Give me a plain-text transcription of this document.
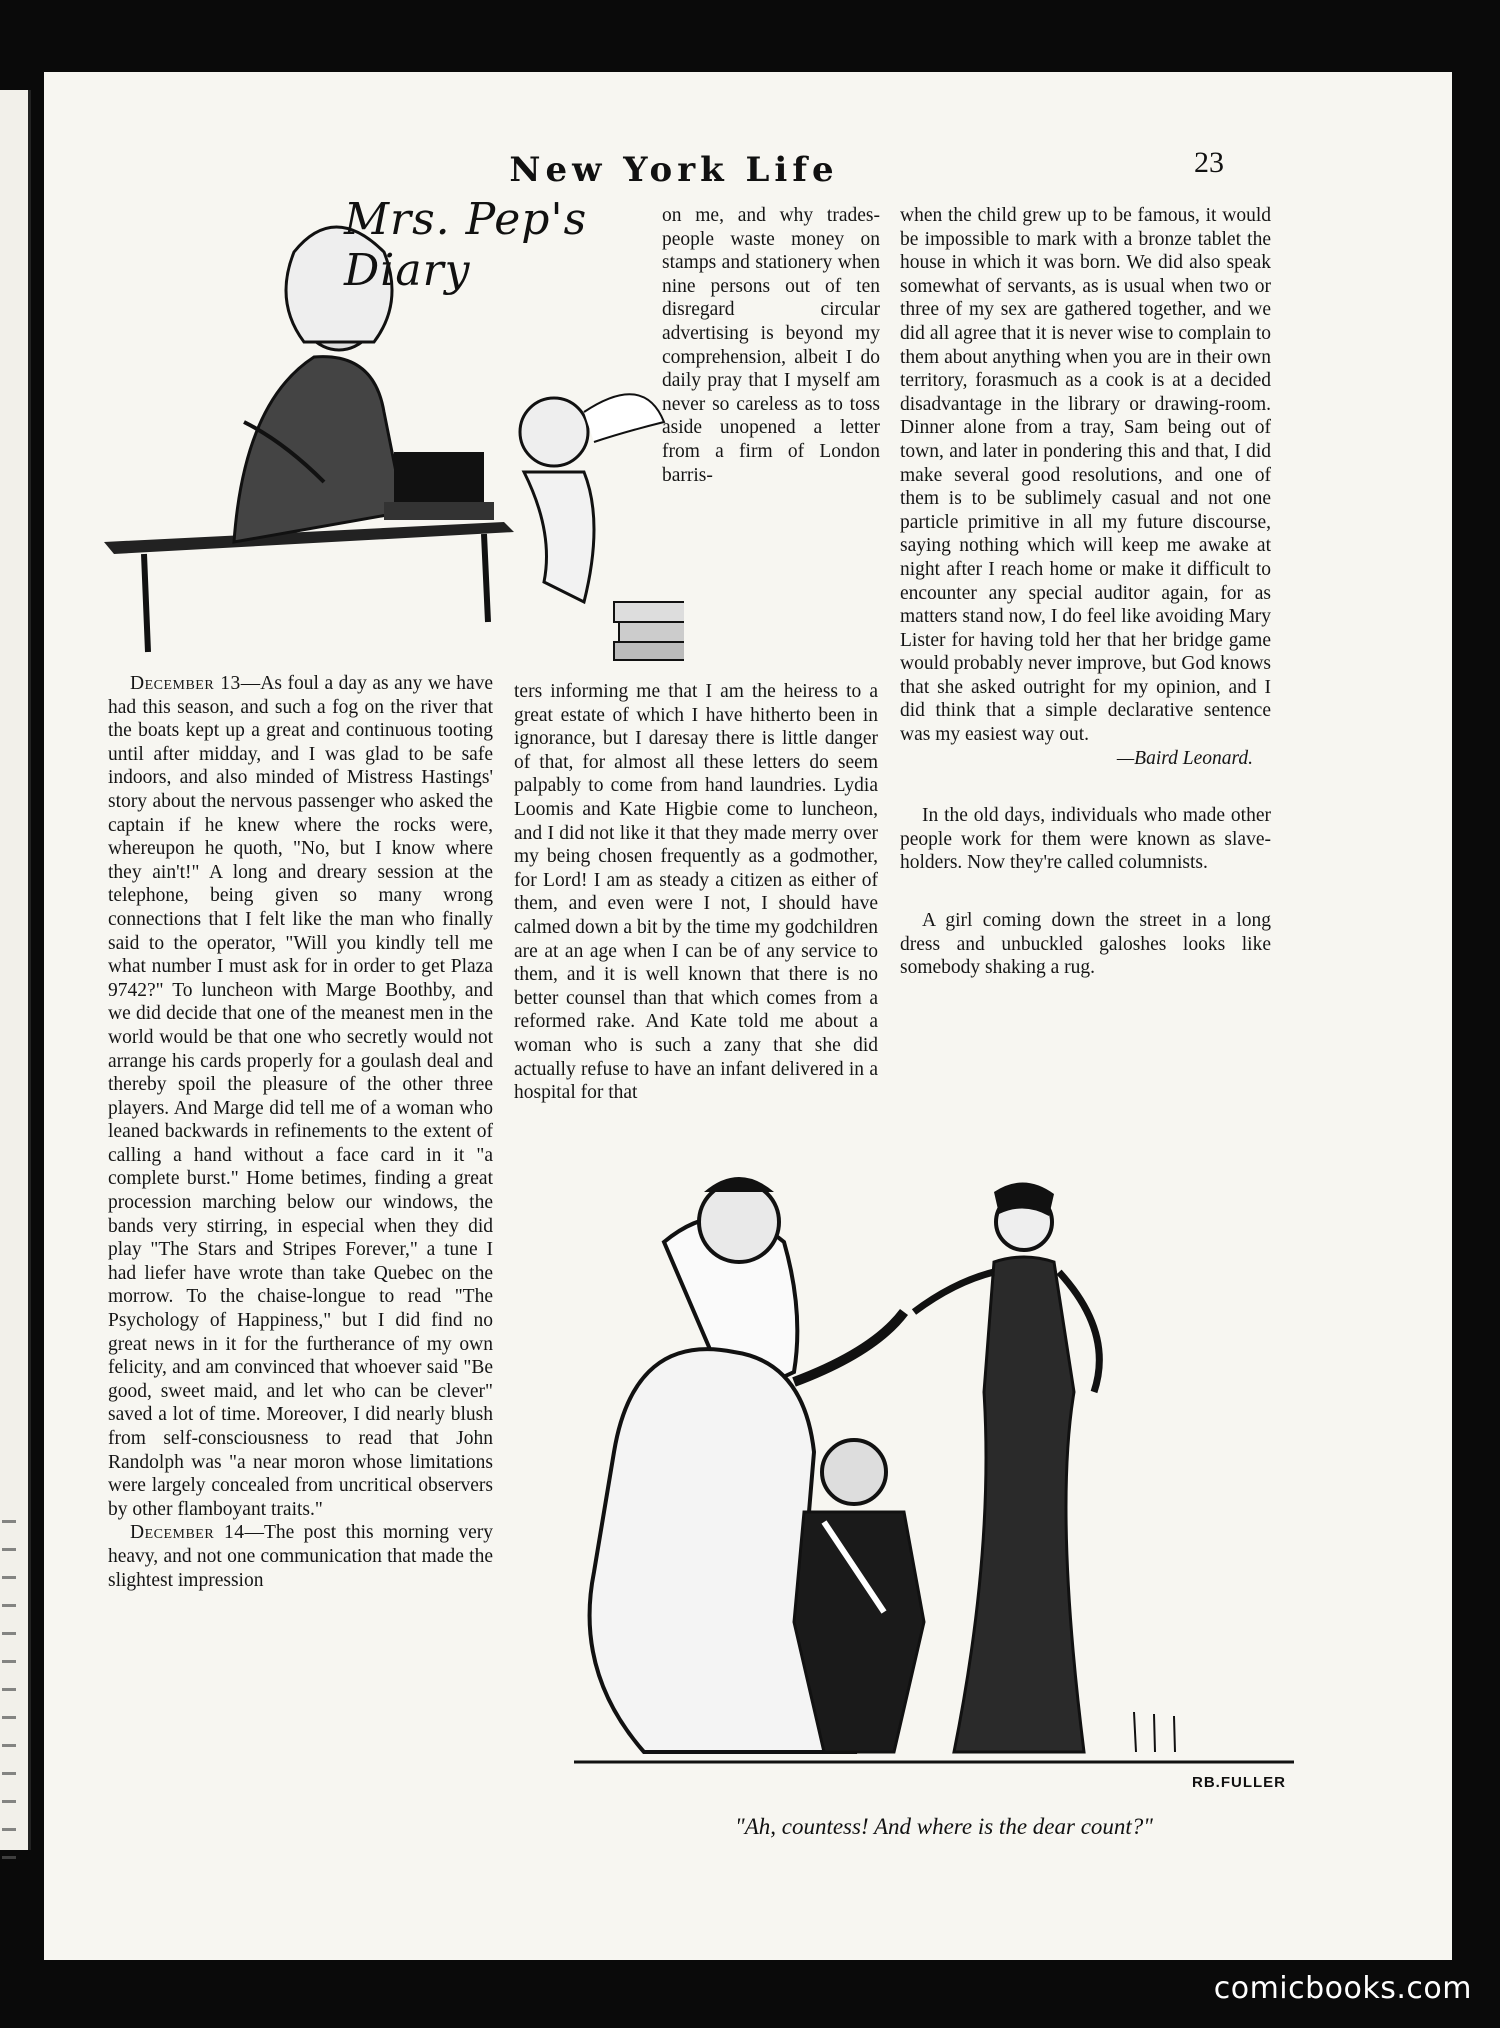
New York Life	23
Mrs. Pep's Diary

on me, and why trades-people waste money on stamps and stationery when nine persons out of ten disregard circular advertising is beyond my comprehension, albeit I do daily pray that I myself am never so careless as to toss aside unopened a letter from a firm of London barris-

December 13—As foul a day as any we have had this season, and such a fog on the river that the boats kept up a great and continuous tooting until after midday, and I was glad to be safe indoors, and also minded of Mistress Hastings' story about the nervous passenger who asked the captain if he knew where the rocks were, whereupon he quoth, "No, but I know where they ain't!" A long and dreary session at the telephone, being given so many wrong connections that I felt like the man who finally said to the operator, "Will you kindly tell me what number I must ask for in order to get Plaza 9742?" To luncheon with Marge Boothby, and we did decide that one of the meanest men in the world would be that one who secretly would not arrange his cards properly for a goulash deal and thereby spoil the pleasure of the other three players. And Marge did tell me of a woman who leaned backwards in refinements to the extent of calling a hand without a face card in it "a complete burst." Home betimes, finding a great procession marching below our windows, the bands very stirring, in especial when they did play "The Stars and Stripes Forever," a tune I had liefer have wrote than take Quebec on the morrow. To the chaise-longue to read "The Psychology of Happiness," but I did find no great news in it for the furtherance of my own felicity, and am convinced that whoever said "Be good, sweet maid, and let who can be clever" saved a lot of time. Moreover, I did nearly blush from self-consciousness to read that John Randolph was "a near moron whose limitations were largely concealed from uncritical observers by other flamboyant traits."

December 14—The post this morning very heavy, and not one communication that made the slightest impression

ters informing me that I am the heiress to a great estate of which I have hitherto been in ignorance, but I daresay there is little danger of that, for almost all these letters do seem palpably to come from hand laundries. Lydia Loomis and Kate Higbie come to luncheon, and I did not like it that they made merry over my being chosen frequently as a godmother, for Lord! I am as steady a citizen as either of them, and even were I not, I should have calmed down a bit by the time my godchildren are at an age when I can be of any service to them, and it is well known that there is no better counsel than that which comes from a reformed rake. And Kate told me about a woman who is such a zany that she did actually refuse to have an infant delivered in a hospital for that

when the child grew up to be famous, it would be impossible to mark with a bronze tablet the house in which it was born. We did also speak somewhat of servants, as is usual when two or three of my sex are gathered together, and we did all agree that it is never wise to complain to them about anything when you are in their own territory, forasmuch as a cook is at a decided disadvantage in the library or drawing-room. Dinner alone from a tray, Sam being out of town, and later in pondering this and that, I did make several good resolutions, and one of them is to be sublimely casual and not one particle primitive in all my future discourse, saying nothing which will keep me awake at night after I reach home or make it difficult to encounter any special auditor again, for as matters stand now, I do feel like avoiding Mary Lister for having told her that her bridge game would probably never improve, but God knows that she asked outright for my opinion, and I did think that a simple declarative sentence was my easiest way out.

—Baird Leonard.

In the old days, individuals who made other people work for them were known as slave-holders. Now they're called columnists.

A girl coming down the street in a long dress and unbuckled galoshes looks like somebody shaking a rug.

RB.FULLER
"Ah, countess! And where is the dear count?"
comicbooks.com
